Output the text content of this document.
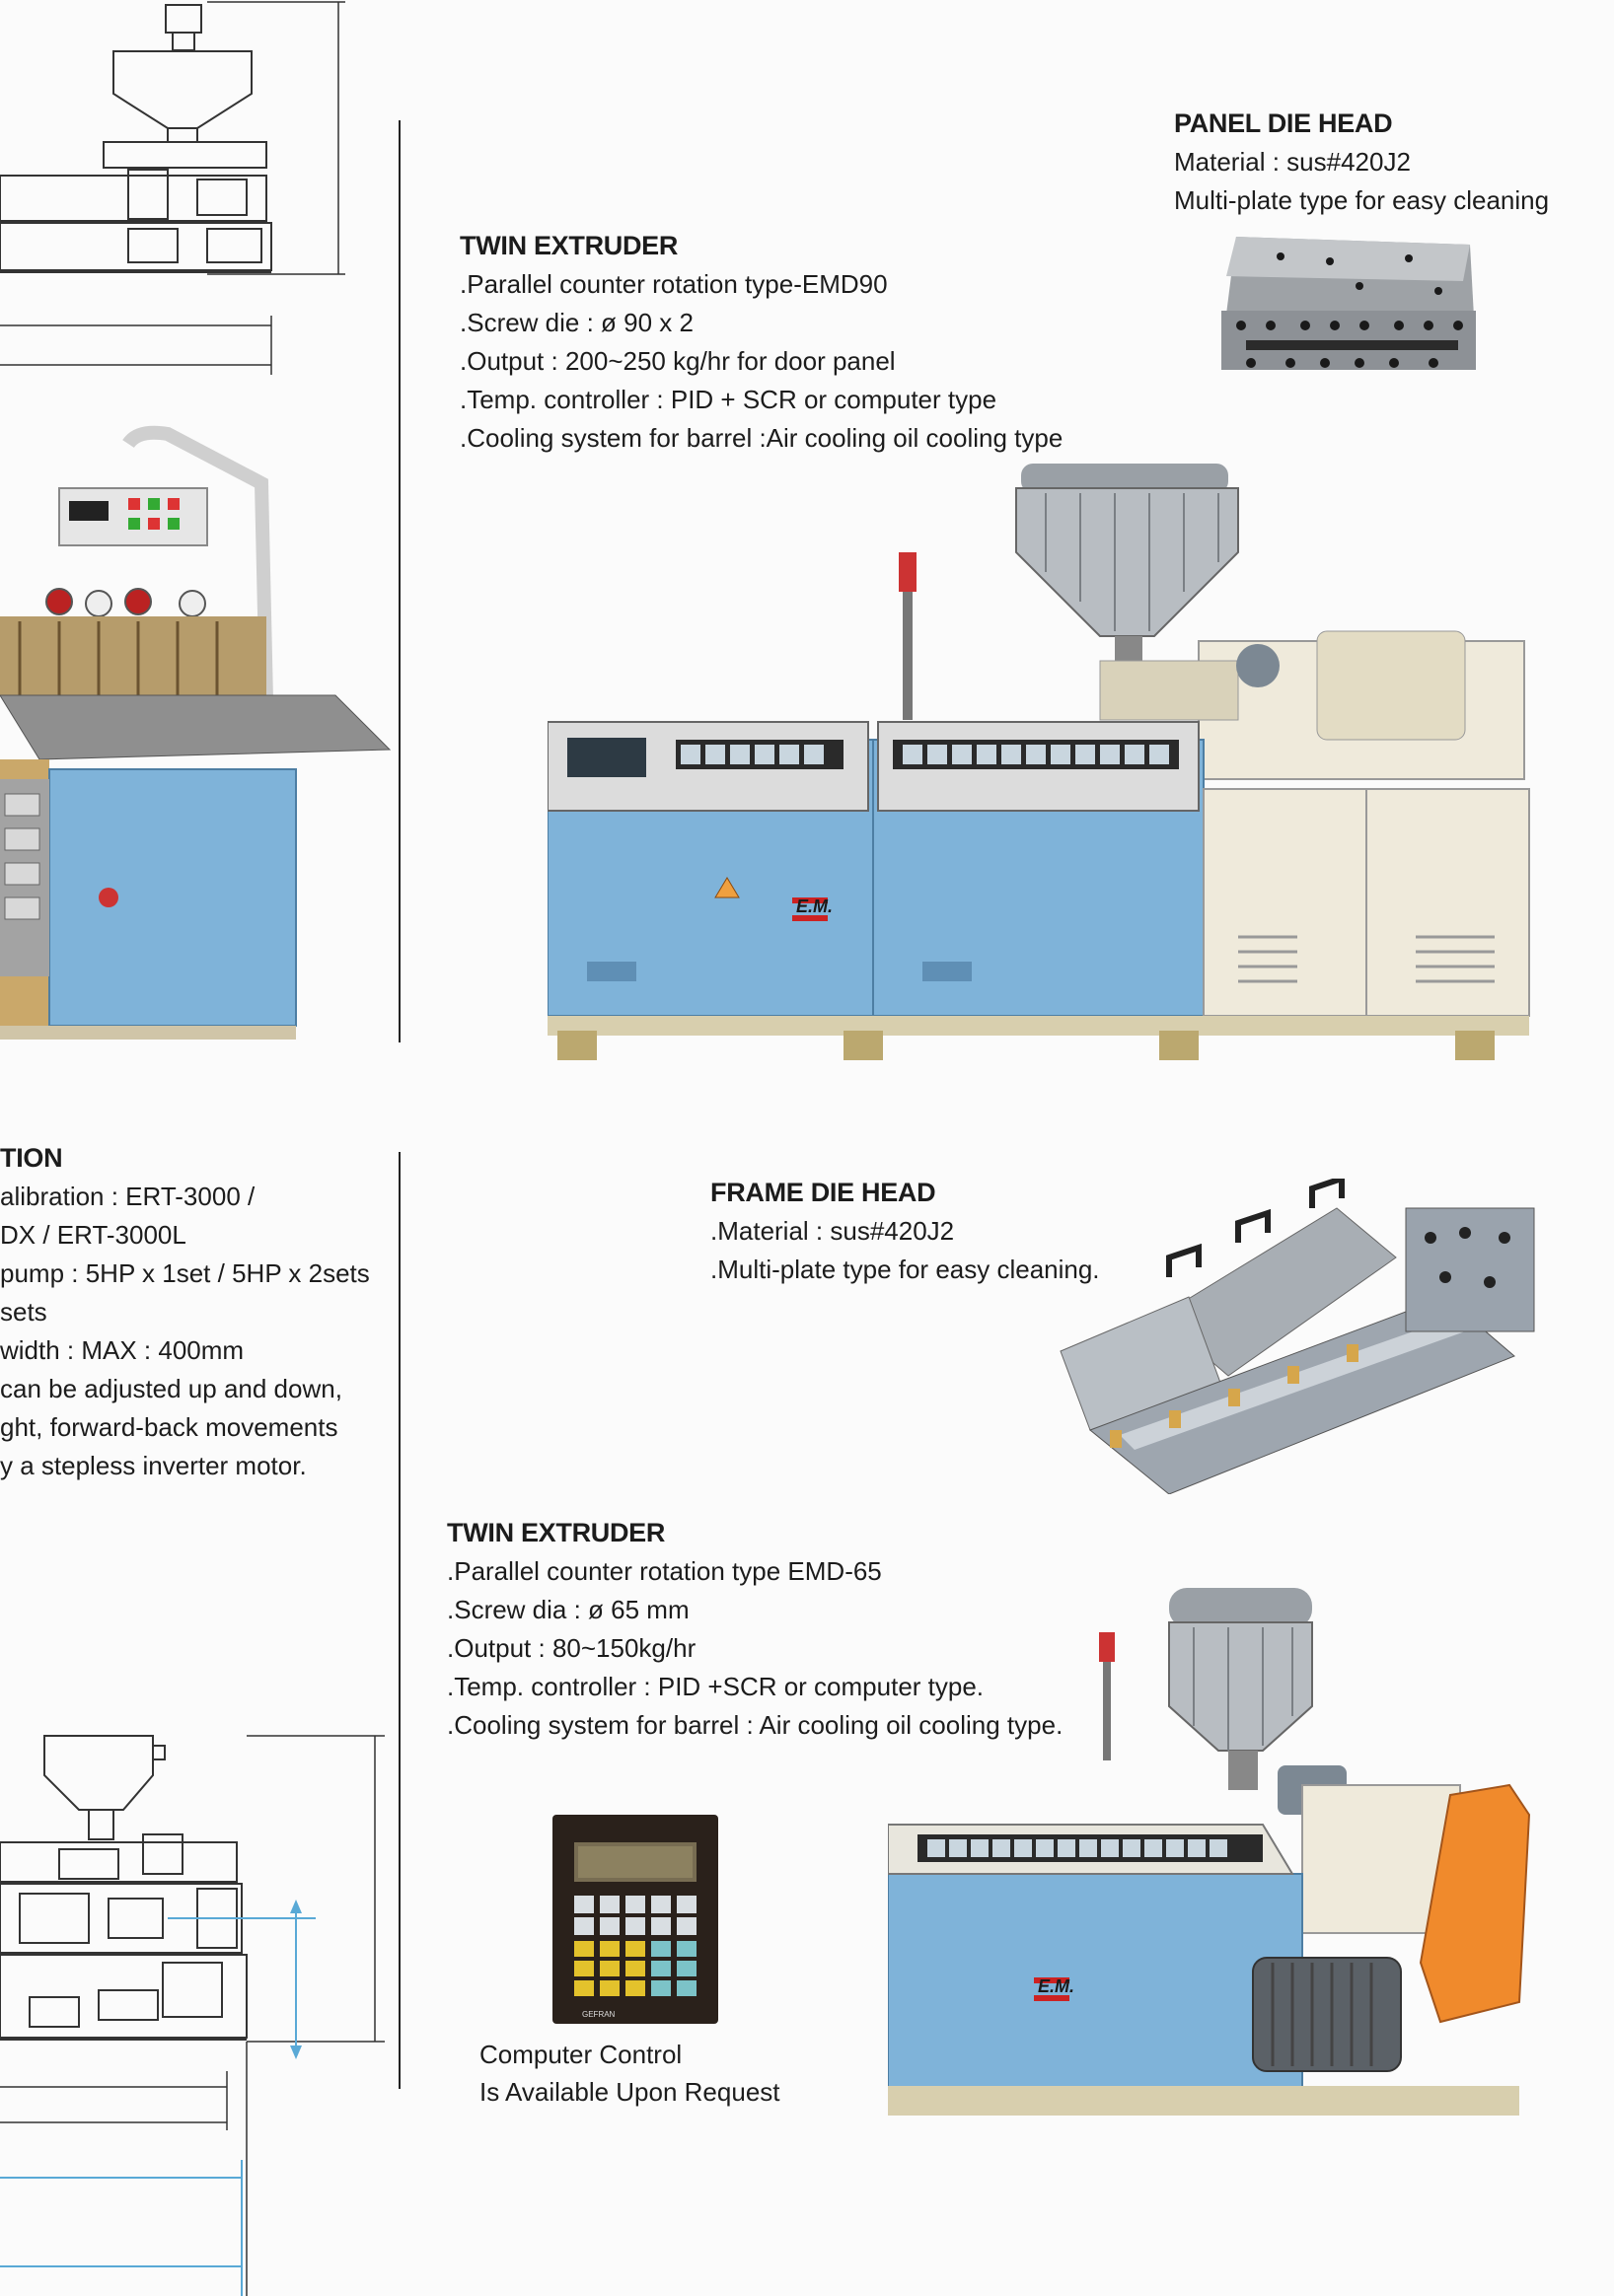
PANEL DIE HEAD
Material : sus#420J2
Multi-plate type for easy cleaning
TWIN EXTRUDER
.Parallel counter rotation type-EMD90
.Screw die : ø 90 x 2
.Output : 200~250 kg/hr for door panel
.Temp. controller : PID + SCR or computer type
.Cooling system for barrel :Air cooling oil cooling type
TION
alibration : ERT-3000 /
DX / ERT-3000L
pump : 5HP x 1set / 5HP x 2sets
sets
width : MAX : 400mm
can be adjusted up and down,
ght, forward-back movements
y a stepless inverter motor.
FRAME DIE HEAD
.Material : sus#420J2
.Multi-plate type for easy cleaning.
TWIN EXTRUDER
.Parallel counter rotation type EMD-65
.Screw dia : ø 65 mm
.Output : 80~150kg/hr
.Temp. controller : PID +SCR or computer type.
.Cooling system for barrel : Air cooling oil cooling type.
Computer Control
Is Available Upon Request
E.M.
E.M.
GEFRAN
